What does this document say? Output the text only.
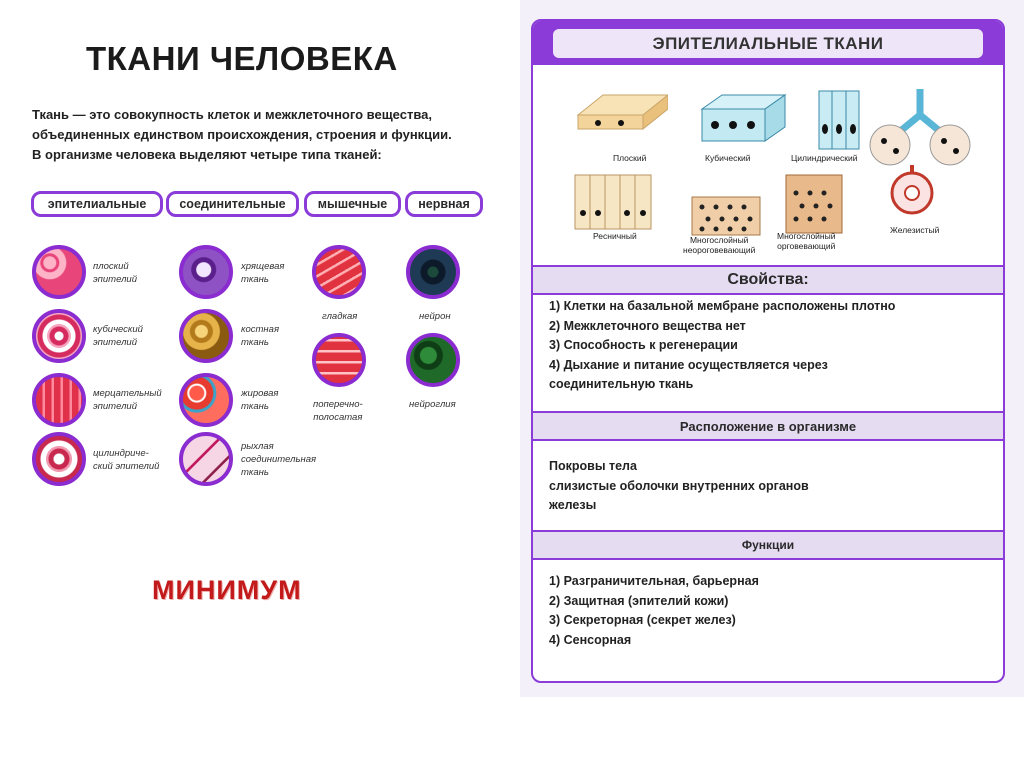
ТКАНИ ЧЕЛОВЕКА
Ткань — это совокупность клеток и межклеточного вещества,
объединенных единством происхождения, строения и функции.
В организме человека выделяют четыре типа тканей:
эпителиальные	соединительные	мышечные	нервная
плоский
эпителий
кубический
эпителий
мерцательный
эпителий
цилиндриче-
ский эпителий
хрящевая
ткань
костная
ткань
жировая
ткань
рыхлая
соединительная
ткань
гладкая
поперечно-
полосатая
нейрон
нейроглия
МИНИМУМ
ЭПИТЕЛИАЛЬНЫЕ ТКАНИ
Плоский	Кубический	Цилиндрический
Ресничный	Многослойный
неороговевающий
Многослойный
орговевающий
Железистый
Свойства:
1) Клетки на базальной мембране расположены плотно
2) Межклеточного вещества нет
3) Способность к регенерации
4) Дыхание и питание осуществляется через
соединительную ткань
Расположение в организме
Покровы тела
слизистые оболочки внутренних органов
железы
Функции
1) Разграничительная, барьерная
2) Защитная (эпителий кожи)
3) Секреторная (секрет желез)
4) Сенсорная
